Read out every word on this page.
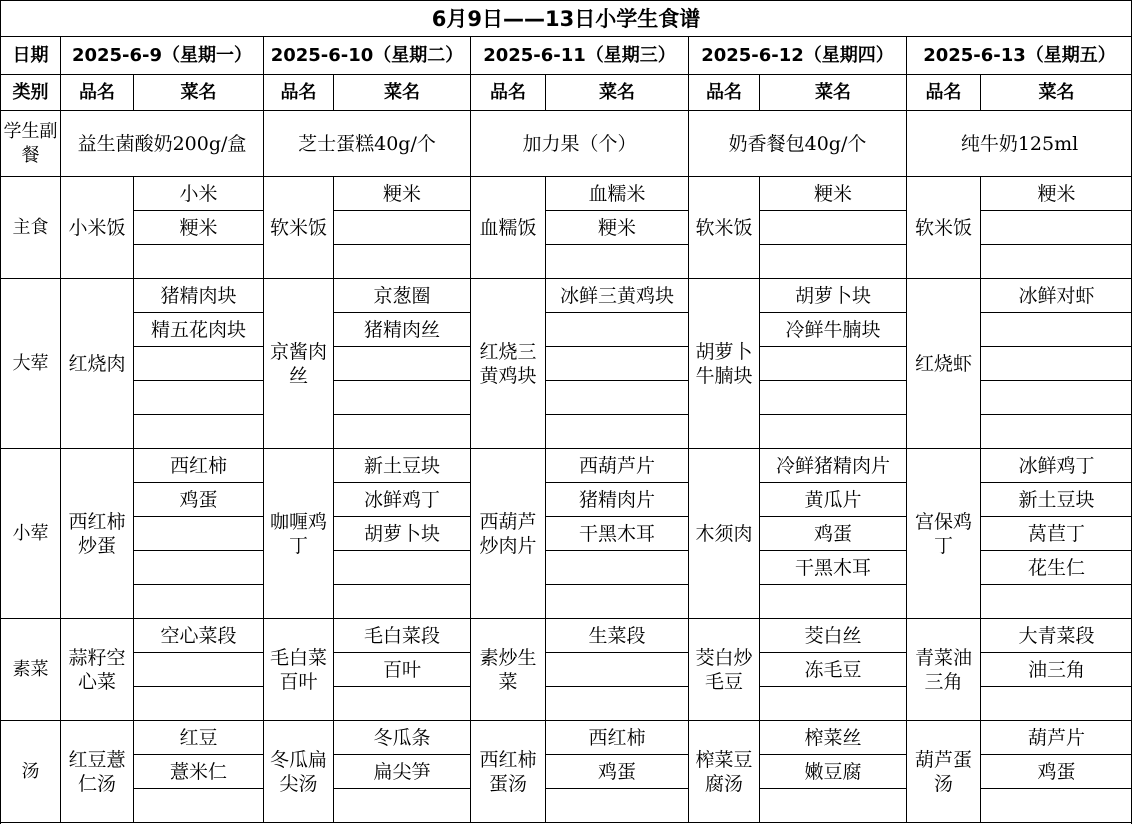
6月9日——13日小学生食谱
日期	2025-6-9（星期一）		2025-6-10（星期二）		2025-6-11（星期三）		2025-6-12（星期四）		2025-6-13（星期五）	
类别	品名	菜名	品名	菜名	品名	菜名	品名	菜名	品名	菜名
学生副餐	益生菌酸奶200g/盒		芝士蛋糕40g/个		加力果（个）		奶香餐包40g/个		纯牛奶125ml	
主食	小米饭	小米	软米饭	粳米	血糯饭	血糯米	软米饭	粳米	软米饭	粳米
		粳米				粳米				

大荤	红烧肉	猪精肉块	京酱肉丝	京葱圈	红烧三黄鸡块	冰鲜三黄鸡块	胡萝卜牛腩块	胡萝卜块	红烧虾	冰鲜对虾
		精五花肉块		猪精肉丝				冷鲜牛腩块		

小荤	西红柿炒蛋	西红柿	咖喱鸡丁	新土豆块	西葫芦炒肉片	西葫芦片	木须肉	冷鲜猪精肉片	宫保鸡丁	冰鲜鸡丁
		鸡蛋		冰鲜鸡丁		猪精肉片		黄瓜片		新土豆块
				胡萝卜块		干黑木耳		鸡蛋		莴苣丁
								干黑木耳		花生仁

素菜	蒜籽空心菜	空心菜段	毛白菜百叶	毛白菜段	素炒生菜	生菜段	茭白炒毛豆	茭白丝	青菜油三角	大青菜段
				百叶				冻毛豆		油三角

汤	红豆薏仁汤	红豆	冬瓜扁尖汤	冬瓜条	西红柿蛋汤	西红柿	榨菜豆腐汤	榨菜丝	葫芦蛋汤	葫芦片
		薏米仁		扁尖笋		鸡蛋		嫩豆腐		鸡蛋
